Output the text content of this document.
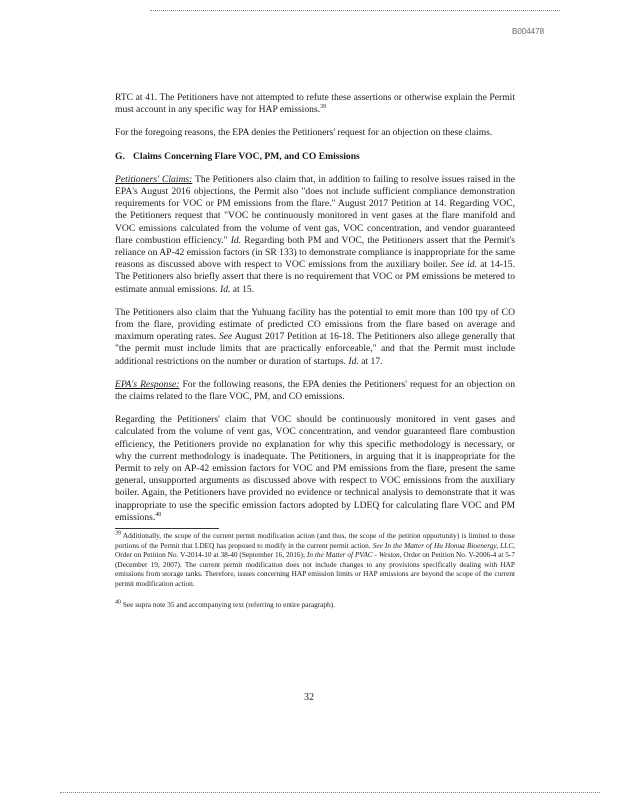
B004478

RTC at 41. The Petitioners have not attempted to refute these assertions or otherwise explain the Permit must account in any specific way for HAP emissions.$^{39}$

For the foregoing reasons, the EPA denies the Petitioners' request for an objection on these claims.

G. Claims Concerning Flare VOC, PM, and CO Emissions

Petitioners' Claims: The Petitioners also claim that, in addition to failing to resolve issues raised in the EPA's August 2016 objections, the Permit also "does not include sufficient compliance demonstration requirements for VOC or PM emissions from the flare." August 2017 Petition at 14. Regarding VOC, the Petitioners request that "VOC be continuously monitored in vent gases at the flare manifold and VOC emissions calculated from the volume of vent gas, VOC concentration, and vendor guaranteed flare combustion efficiency." Id. Regarding both PM and VOC, the Petitioners assert that the Permit's reliance on AP-42 emission factors (in SR 133) to demonstrate compliance is inappropriate for the same reasons as discussed above with respect to VOC emissions from the auxiliary boiler. See id. at 14-15. The Petitioners also briefly assert that there is no requirement that VOC or PM emissions be metered to estimate annual emissions. Id. at 15.

The Petitioners also claim that the Yuhuang facility has the potential to emit more than 100 tpy of CO from the flare, providing estimate of predicted CO emissions from the flare based on average and maximum operating rates. See August 2017 Petition at 16-18. The Petitioners also allege generally that "the permit must include limits that are practically enforceable," and that the Permit must include additional restrictions on the number or duration of startups. Id. at 17.

EPA's Response: For the following reasons, the EPA denies the Petitioners' request for an objection on the claims related to the flare VOC, PM, and CO emissions.

Regarding the Petitioners' claim that VOC should be continuously monitored in vent gases and calculated from the volume of vent gas, VOC concentration, and vendor guaranteed flare combustion efficiency, the Petitioners provide no explanation for why this specific methodology is necessary, or why the current methodology is inadequate. The Petitioners, in arguing that it is inappropriate for the Permit to rely on AP-42 emission factors for VOC and PM emissions from the flare, present the same general, unsupported arguments as discussed above with respect to VOC emissions from the auxiliary boiler. Again, the Petitioners have provided no evidence or technical analysis to demonstrate that it was inappropriate to use the specific emission factors adopted by LDEQ for calculating flare VOC and PM emissions.$^{40}$

$^{39}$ Additionally, the scope of the current permit modification action (and thus, the scope of the petition opportunity) is limited to those portions of the Permit that LDEQ has proposed to modify in the current permit action. See In the Matter of Hu Honua Bioenergy, LLC, Order on Petition No. V-2014-10 at 38-40 (September 16, 2016); In the Matter of PVAC - Weston, Order on Petition No. V-2006-4 at 5-7 (December 19, 2007). The current permit modification does not include changes to any provisions specifically dealing with HAP emissions from storage tanks. Therefore, issues concerning HAP emission limits or HAP emissions are beyond the scope of the current permit modification action.

$^{40}$ See supra note 35 and accompanying text (referring to entire paragraph).

32
